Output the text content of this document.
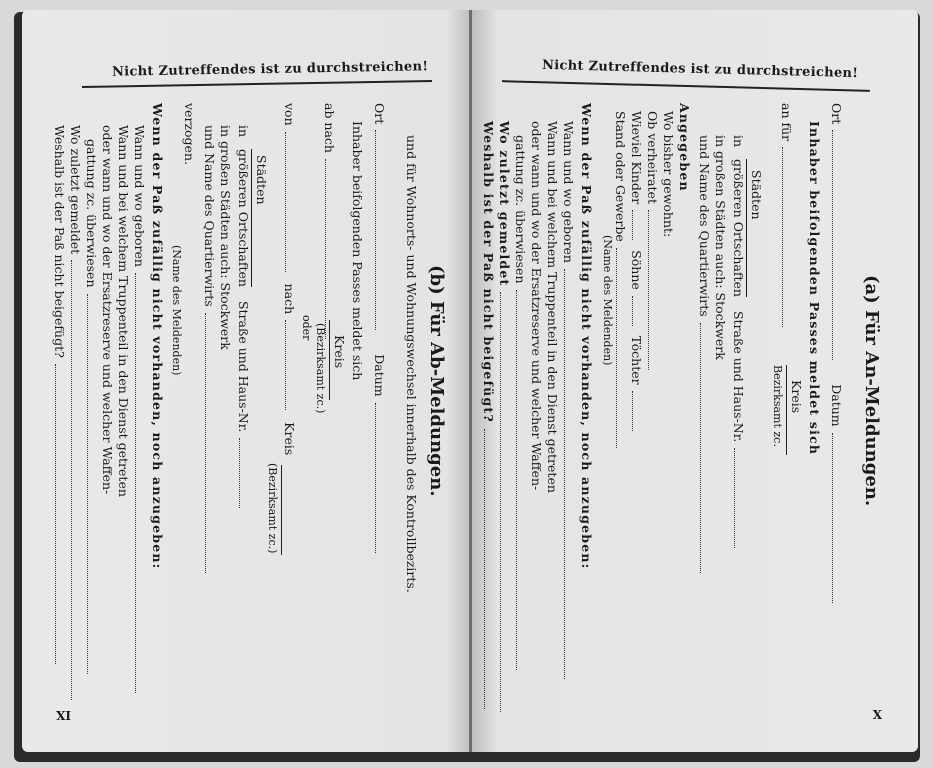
Nicht Zutreffendes ist zu durchstreichen!
(b) Für Ab-Meldungen.
und für Wohnorts- und Wohnungswechsel innerhalb des Kontrollbezirts.
Ort Datum
Inhaber beifolgenden Passes meldet sich
Kreis
ab nach
(Bezirksamt zc.)
oder
von nach Kreis
(Bezirksamt zc.)
Städten
in größeren Ortschaften Straße und Haus-Nr.
in großen Städten auch: Stockwerk
und Name des Quartierwirts
verzogen.
(Name des Meldenden)
Wenn der Paß zufällig nicht vorhanden, noch anzugeben:
Wann und wo geboren
Wann und bei welchem Truppenteil in den Dienst getreten
oder wann und wo der Ersatzreserve und welcher Waffen-
gattung zc. überwiesen
Wo zuletzt gemeldet
Weshalb ist der Paß nicht beigefügt?
IX
Nicht Zutreffendes ist zu durchstreichen!
(a) Für An-Meldungen.
Ort Datum
Inhaber beifolgenden Passes meldet sich
Kreis
an für
Bezirksamt zc.
Städten
in größeren Ortschaften Straße und Haus-Nr.
in großen Städten auch: Stockwerk
und Name des Quartierwirts
Angegeben
Wo bisher gewohnt:
Ob verheiratet
Wieviel Kinder Söhne Töchter
Stand oder Gewerbe
(Name des Meldenden)
Wenn der Paß zufällig nicht vorhanden, noch anzugeben:
Wann und wo geboren
Wann und bei welchem Truppenteil in den Dienst getreten
oder wann und wo der Ersatzreserve und welcher Waffen-
gattung zc. überwiesen
Wo zuletzt gemeldet
Weshalb ist der Paß nicht beigefügt?
X
